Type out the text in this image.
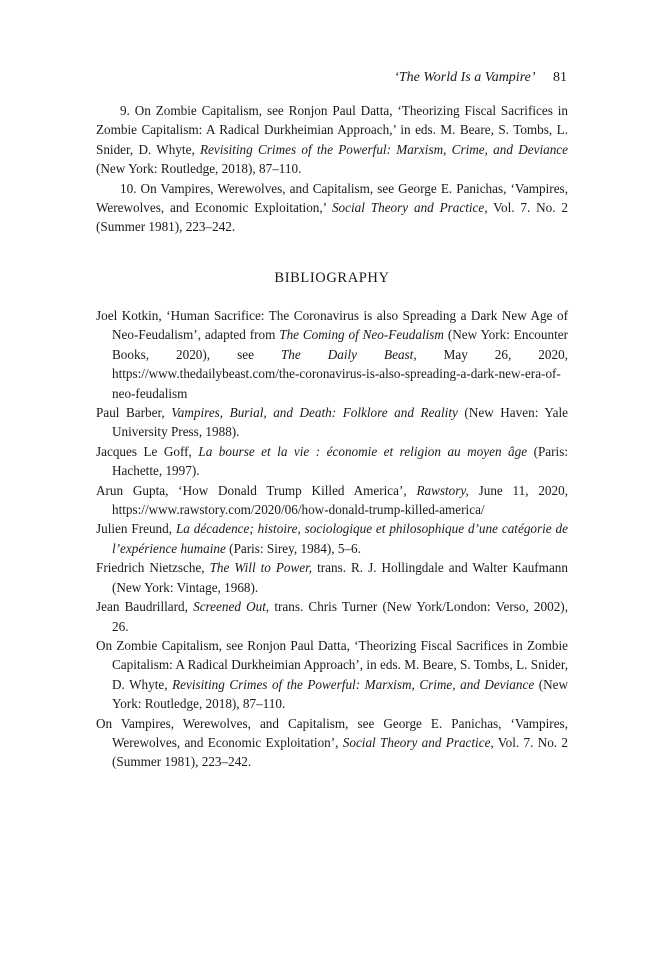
‘The World Is a Vampire’ 81

9. On Zombie Capitalism, see Ronjon Paul Datta, ‘Theorizing Fiscal Sacrifices in Zombie Capitalism: A Radical Durkheimian Approach,’ in eds. M. Beare, S. Tombs, L. Snider, D. Whyte, Revisiting Crimes of the Powerful: Marxism, Crime, and Deviance (New York: Routledge, 2018), 87–110.

10. On Vampires, Werewolves, and Capitalism, see George E. Panichas, ‘Vampires, Werewolves, and Economic Exploitation,’ Social Theory and Practice, Vol. 7. No. 2 (Summer 1981), 223–242.

BIBLIOGRAPHY

Joel Kotkin, ‘Human Sacrifice: The Coronavirus is also Spreading a Dark New Age of Neo-Feudalism’, adapted from The Coming of Neo-Feudalism (New York: Encounter Books, 2020), see The Daily Beast, May 26, 2020, https://www.thedailybeast.com/the-coronavirus-is-also-spreading-a-dark-new-era-of-neo-feudalism

Paul Barber, Vampires, Burial, and Death: Folklore and Reality (New Haven: Yale University Press, 1988).

Jacques Le Goff, La bourse et la vie : économie et religion au moyen âge (Paris: Hachette, 1997).

Arun Gupta, ‘How Donald Trump Killed America’, Rawstory, June 11, 2020, https://www.rawstory.com/2020/06/how-donald-trump-killed-america/

Julien Freund, La décadence; histoire, sociologique et philosophique d’une catégorie de l’expérience humaine (Paris: Sirey, 1984), 5–6.

Friedrich Nietzsche, The Will to Power, trans. R. J. Hollingdale and Walter Kaufmann (New York: Vintage, 1968).

Jean Baudrillard, Screened Out, trans. Chris Turner (New York/London: Verso, 2002), 26.

On Zombie Capitalism, see Ronjon Paul Datta, ‘Theorizing Fiscal Sacrifices in Zombie Capitalism: A Radical Durkheimian Approach’, in eds. M. Beare, S. Tombs, L. Snider, D. Whyte, Revisiting Crimes of the Powerful: Marxism, Crime, and Deviance (New York: Routledge, 2018), 87–110.

On Vampires, Werewolves, and Capitalism, see George E. Panichas, ‘Vampires, Werewolves, and Economic Exploitation’, Social Theory and Practice, Vol. 7. No. 2 (Summer 1981), 223–242.
